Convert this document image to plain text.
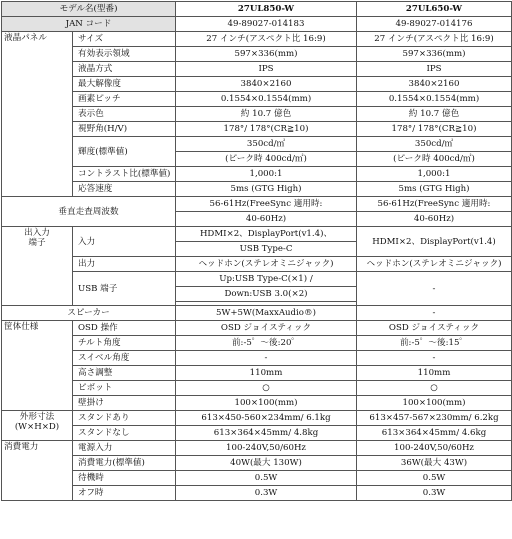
モデル名(型番)		27UL850-W	27UL650-W
JAN コード		49-89027-014183	49-89027-014176
液晶パネル	サイズ	27 インチ(アスペクト比 16:9)	27 インチ(アスペクト比 16:9)
	有効表示領域	597×336(mm)	597×336(mm)
	液晶方式	IPS	IPS
	最大解像度	3840×2160	3840×2160
	画素ピッチ	0.1554×0.1554(mm)	0.1554×0.1554(mm)
	表示色	約 10.7 億色	約 10.7 億色
	視野角(H/V)	178°/ 178°(CR≧10)	178°/ 178°(CR≧10)
	輝度(標準値)	350cd/㎡	350cd/㎡
		(ピーク時 400cd/㎡)	(ピーク時 400cd/㎡)
	コントラスト比(標準値)	1,000:1	1,000:1
	応答速度	5ms (GTG High)	5ms (GTG High)
垂直走査周波数		56-61Hz(FreeSync 適用時:	56-61Hz(FreeSync 適用時:
		40-60Hz)	40-60Hz)

出入力
端子	入力	HDMI×2、DisplayPort(v1.4)、	HDMI×2、DisplayPort(v1.4)
		USB Type-C	
	出力	ヘッドホン(ステレオミニジャック)	ヘッドホン(ステレオミニジャック)
	USB 端子	Up:USB Type-C(×1) /	-
		Down:USB 3.0(×2)	

スピーカー		5W+5W(MaxxAudio®)	-
筐体仕様	OSD 操作	OSD ジョイスティック	OSD ジョイスティック
	チルト角度	前:-5゜～後:20゜	前:-5゜～後:15゜
	スイベル角度	-	-
	高さ調整	110mm	110mm
	ピボット	○	○
	壁掛け	100×100(mm)	100×100(mm)

外形寸法
(W×H×D)	スタンドあり	613×450-560×234mm/ 6.1kg	613×457-567×230mm/ 6.2kg
	スタンドなし	613×364×45mm/ 4.8kg	613×364×45mm/ 4.6kg
消費電力	電源入力	100-240V,50/60Hz	100-240V,50/60Hz
	消費電力(標準値)	40W(最大 130W)	36W(最大 43W)
	待機時	0.5W	0.5W
	オフ時	0.3W	0.3W
